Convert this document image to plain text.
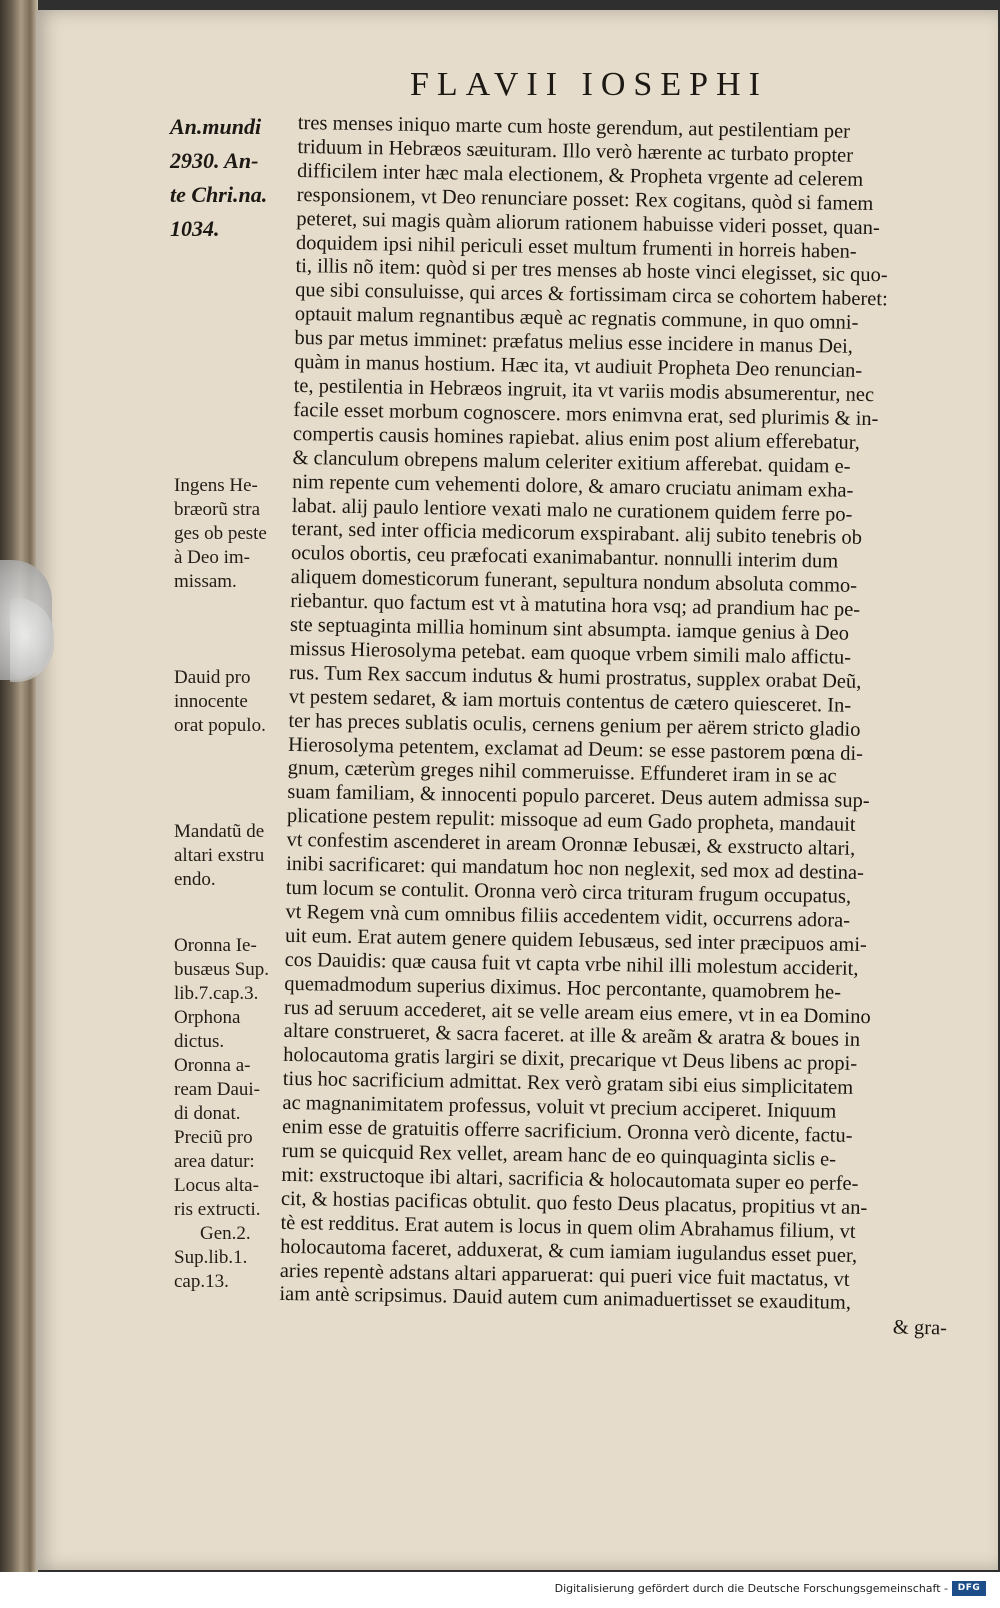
FLAVII IOSEPHI
An.mundi
2930. An-
te Chri.na.
1034.
Ingens He-
bræorũ stra
ges ob peste
à Deo im-
missam.
Dauid pro
innocente
orat populo.
Mandatũ de
altari exstru
endo.
Oronna Ie-
busæus Sup.
lib.7.cap.3.
Orphona
dictus.
Oronna a-
ream Daui-
di donat.
Preciũ pro
area datur:
Locus alta-
ris extructi.
Gen.2.
Sup.lib.1.
cap.13.
tres menses iniquo marte cum hoste gerendum, aut pestilentiam per
triduum in Hebræos sæuituram. Illo verò hærente ac turbato propter
difficilem inter hæc mala electionem, & Propheta vrgente ad celerem
responsionem, vt Deo renunciare posset: Rex cogitans, quòd si famem
peteret, sui magis quàm aliorum rationem habuisse videri posset, quan-
doquidem ipsi nihil periculi esset multum frumenti in horreis haben-
ti, illis nõ item: quòd si per tres menses ab hoste vinci elegisset, sic quo-
que sibi consuluisse, qui arces & fortissimam circa se cohortem haberet:
optauit malum regnantibus æquè ac regnatis commune, in quo omni-
bus par metus imminet: præfatus melius esse incidere in manus Dei,
quàm in manus hostium. Hæc ita, vt audiuit Propheta Deo renuncian-
te, pestilentia in Hebræos ingruit, ita vt variis modis absumerentur, nec
facile esset morbum cognoscere. mors enimvna erat, sed plurimis & in-
compertis causis homines rapiebat. alius enim post alium efferebatur,
& clanculum obrepens malum celeriter exitium afferebat. quidam e-
nim repente cum vehementi dolore, & amaro cruciatu animam exha-
labat. alij paulo lentiore vexati malo ne curationem quidem ferre po-
terant, sed inter officia medicorum exspirabant. alij subito tenebris ob
oculos obortis, ceu præfocati exanimabantur. nonnulli interim dum
aliquem domesticorum funerant, sepultura nondum absoluta commo-
riebantur. quo factum est vt à matutina hora vsq; ad prandium hac pe-
ste septuaginta millia hominum sint absumpta. iamque genius à Deo
missus Hierosolyma petebat. eam quoque vrbem simili malo affictu-
rus. Tum Rex saccum indutus & humi prostratus, supplex orabat Deũ,
vt pestem sedaret, & iam mortuis contentus de cætero quiesceret. In-
ter has preces sublatis oculis, cernens genium per aërem stricto gladio
Hierosolyma petentem, exclamat ad Deum: se esse pastorem pœna di-
gnum, cæterùm greges nihil commeruisse. Effunderet iram in se ac
suam familiam, & innocenti populo parceret. Deus autem admissa sup-
plicatione pestem repulit: missoque ad eum Gado propheta, mandauit
vt confestim ascenderet in aream Oronnæ Iebusæi, & exstructo altari,
inibi sacrificaret: qui mandatum hoc non neglexit, sed mox ad destina-
tum locum se contulit. Oronna verò circa trituram frugum occupatus,
vt Regem vnà cum omnibus filiis accedentem vidit, occurrens adora-
uit eum. Erat autem genere quidem Iebusæus, sed inter præcipuos ami-
cos Dauidis: quæ causa fuit vt capta vrbe nihil illi molestum acciderit,
quemadmodum superius diximus. Hoc percontante, quamobrem he-
rus ad seruum accederet, ait se velle aream eius emere, vt in ea Domino
altare construeret, & sacra faceret. at ille & areãm & aratra & boues in
holocautoma gratis largiri se dixit, precarique vt Deus libens ac propi-
tius hoc sacrificium admittat. Rex verò gratam sibi eius simplicitatem
ac magnanimitatem professus, voluit vt precium acciperet. Iniquum
enim esse de gratuitis offerre sacrificium. Oronna verò dicente, factu-
rum se quicquid Rex vellet, aream hanc de eo quinquaginta siclis e-
mit: exstructoque ibi altari, sacrificia & holocautomata super eo perfe-
cit, & hostias pacificas obtulit. quo festo Deus placatus, propitius vt an-
tè est redditus. Erat autem is locus in quem olim Abrahamus filium, vt
holocautoma faceret, adduxerat, & cum iamiam iugulandus esset puer,
aries repentè adstans altari apparuerat: qui pueri vice fuit mactatus, vt
iam antè scripsimus. Dauid autem cum animaduertisset se exauditum,
& gra-
Digitalisierung gefördert durch die Deutsche Forschungsgemeinschaft -	DFG
